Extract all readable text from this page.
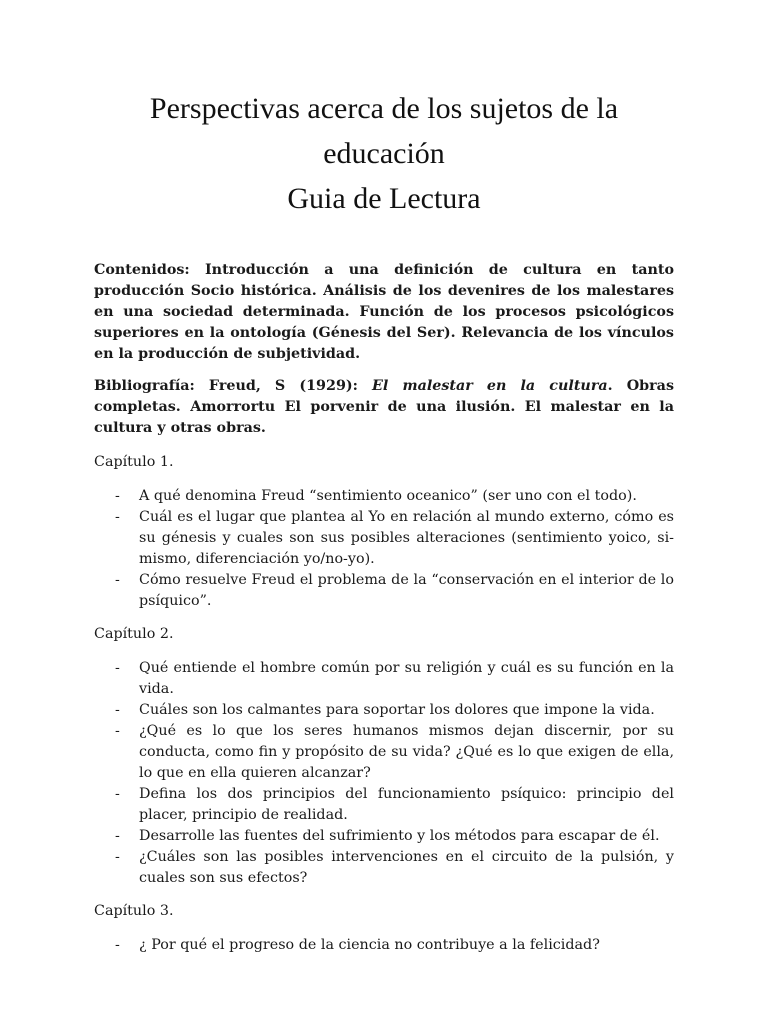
Perspectivas acerca de los sujetos de la
educación
Guia de Lectura

Contenidos: Introducción a una definición de cultura en tanto producción Socio histórica. Análisis de los devenires de los malestares en una sociedad determinada. Función de los procesos psicológicos superiores en la ontología (Génesis del Ser). Relevancia de los vínculos en la producción de subjetividad.

Bibliografía: Freud, S (1929): El malestar en la cultura. Obras completas. Amorrortu El porvenir de una ilusión. El malestar en la cultura y otras obras.

Capítulo 1.

- A qué denomina Freud “sentimiento oceanico” (ser uno con el todo).
- Cuál es el lugar que plantea al Yo en relación al mundo externo, cómo es su génesis y cuales son sus posibles alteraciones (sentimiento yoico, si-mismo, diferenciación yo/no-yo).
- Cómo resuelve Freud el problema de la “conservación en el interior de lo psíquico”.

Capítulo 2.

- Qué entiende el hombre común por su religión y cuál es su función en la vida.
- Cuáles son los calmantes para soportar los dolores que impone la vida.
- ¿Qué es lo que los seres humanos mismos dejan discernir, por su conducta, como fin y propósito de su vida? ¿Qué es lo que exigen de ella, lo que en ella quieren alcanzar?
- Defina los dos principios del funcionamiento psíquico: principio del placer, principio de realidad.
- Desarrolle las fuentes del sufrimiento y los métodos para escapar de él.
- ¿Cuáles son las posibles intervenciones en el circuito de la pulsión, y cuales son sus efectos?

Capítulo 3.

- ¿ Por qué el progreso de la ciencia no contribuye a la felicidad?
